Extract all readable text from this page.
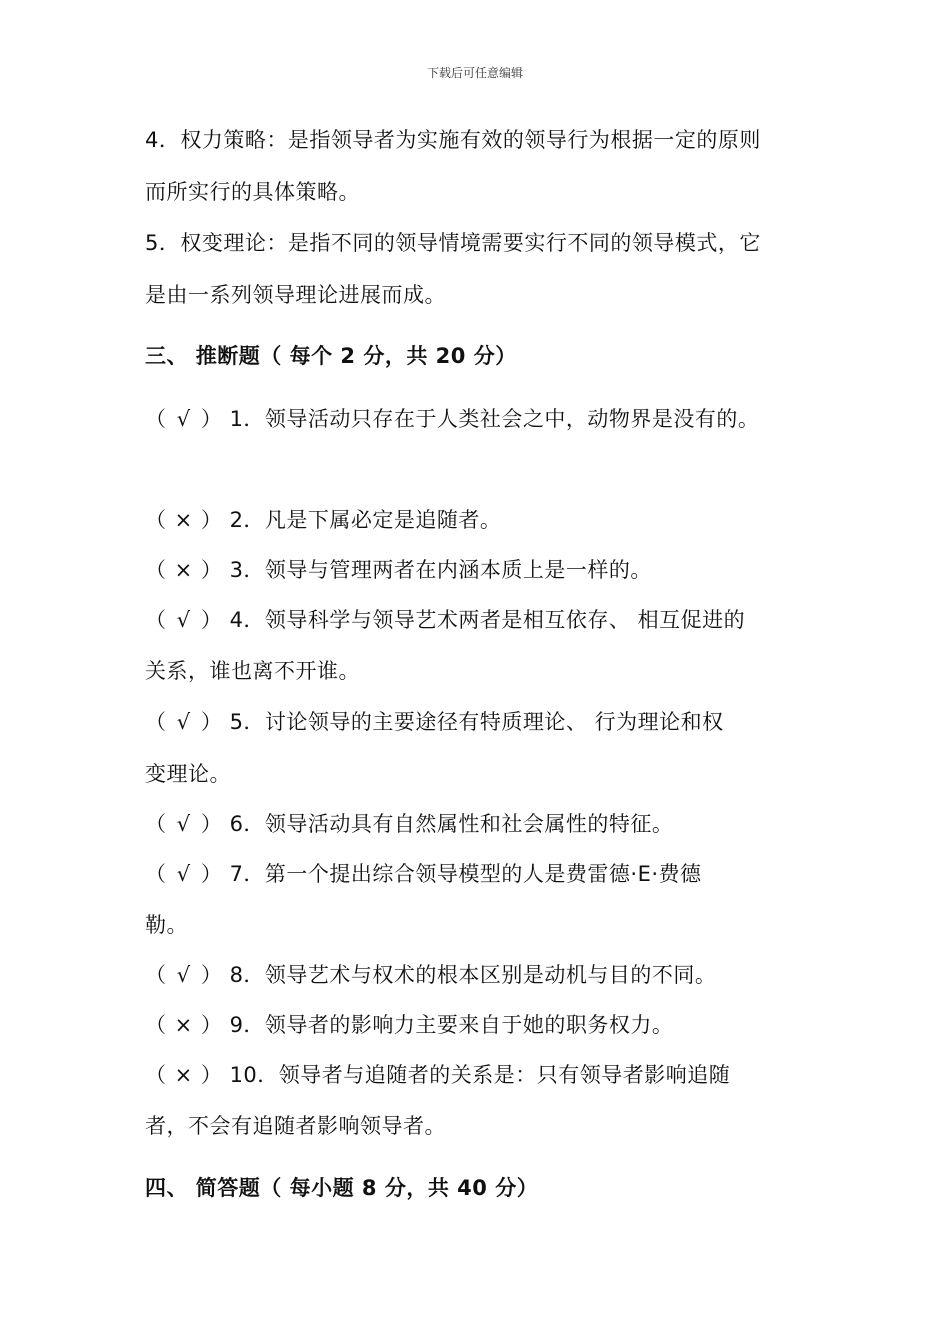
下载后可任意编辑
4．权力策略：是指领导者为实施有效的领导行为根据一定的原则
而所实行的具体策略。
5．权变理论：是指不同的领导情境需要实行不同的领导模式，它
是由一系列领导理论进展而成。
三、 推断题（ 每个 2 分，共 20 分）
（ √ ） 1．领导活动只存在于人类社会之中，动物界是没有的。
（ × ） 2．凡是下属必定是追随者。
（ × ） 3．领导与管理两者在内涵本质上是一样的。
（ √ ） 4．领导科学与领导艺术两者是相互依存、 相互促进的
关系，谁也离不开谁。
（ √ ） 5．讨论领导的主要途径有特质理论、 行为理论和权
变理论。
（ √ ） 6．领导活动具有自然属性和社会属性的特征。
（ √ ） 7．第一个提出综合领导模型的人是费雷德·E·费德
勒。
（ √ ） 8．领导艺术与权术的根本区别是动机与目的不同。
（ × ） 9．领导者的影响力主要来自于她的职务权力。
（ × ） 10．领导者与追随者的关系是：只有领导者影响追随
者，不会有追随者影响领导者。
四、 简答题（ 每小题 8 分，共 40 分）
